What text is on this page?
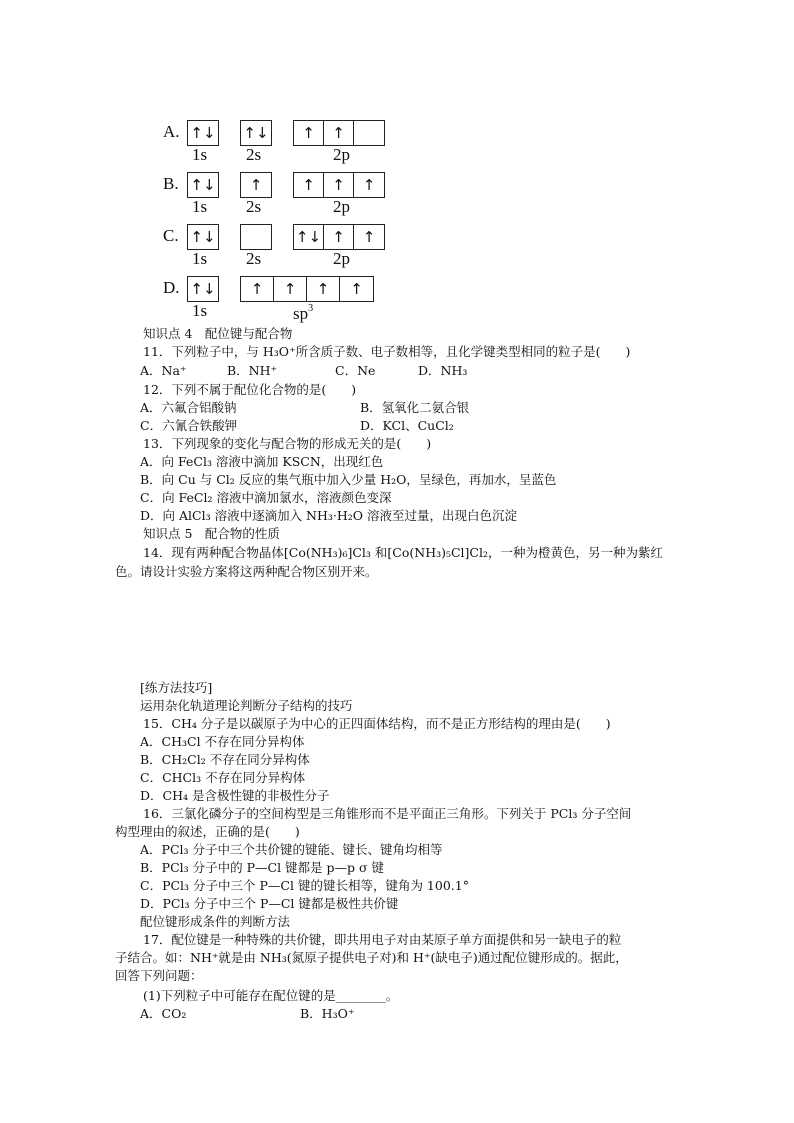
A. ↑↓ ↑↓	↑	↑
1s 2s	2p
B. ↑↓	↑	↑	↑	↑
1s 2s	2p
C. ↑↓	↑↓ ↑	↑
1s 2s	2p
D. ↑↓	↑	↑	↑	↑
1s	$sp^3$
知识点 4　配位键与配合物
11．下列粒子中，与 H₃O⁺所含质子数、电子数相等，且化学键类型相同的粒子是(　　)
A．Na⁺	B．NH⁺	C．Ne	D．NH₃
12．下列不属于配位化合物的是(　　)
A．六氟合铝酸钠	B．氢氧化二氨合银
C．六氰合铁酸钾	D．KCl、CuCl₂
13．下列现象的变化与配合物的形成无关的是(　　)
A．向 FeCl₃ 溶液中滴加 KSCN，出现红色
B．向 Cu 与 Cl₂ 反应的集气瓶中加入少量 H₂O，呈绿色，再加水，呈蓝色
C．向 FeCl₂ 溶液中滴加氯水，溶液颜色变深
D．向 AlCl₃ 溶液中逐滴加入 NH₃·H₂O 溶液至过量，出现白色沉淀
知识点 5　配合物的性质
14．现有两种配合物晶体[Co(NH₃)₆]Cl₃ 和[Co(NH₃)₅Cl]Cl₂，一种为橙黄色，另一种为紫红
色。请设计实验方案将这两种配合物区别开来。
[练方法技巧]
运用杂化轨道理论判断分子结构的技巧
15．CH₄ 分子是以碳原子为中心的正四面体结构，而不是正方形结构的理由是(　　)
A．CH₃Cl 不存在同分异构体
B．CH₂Cl₂ 不存在同分异构体
C．CHCl₃ 不存在同分异构体
D．CH₄ 是含极性键的非极性分子
16．三氯化磷分子的空间构型是三角锥形而不是平面正三角形。下列关于 PCl₃ 分子空间
构型理由的叙述，正确的是(　　)
A．PCl₃ 分子中三个共价键的键能、键长、键角均相等
B．PCl₃ 分子中的 P—Cl 键都是 p—p σ 键
C．PCl₃ 分子中三个 P—Cl 键的键长相等，键角为 100.1°
D．PCl₃ 分子中三个 P—Cl 键都是极性共价键
配位键形成条件的判断方法
17．配位键是一种特殊的共价键，即共用电子对由某原子单方面提供和另一缺电子的粒
子结合。如：NH⁺就是由 NH₃(氮原子提供电子对)和 H⁺(缺电子)通过配位键形成的。据此，
回答下列问题：
(1)下列粒子中可能存在配位键的是________。
A．CO₂	B．H₃O⁺
